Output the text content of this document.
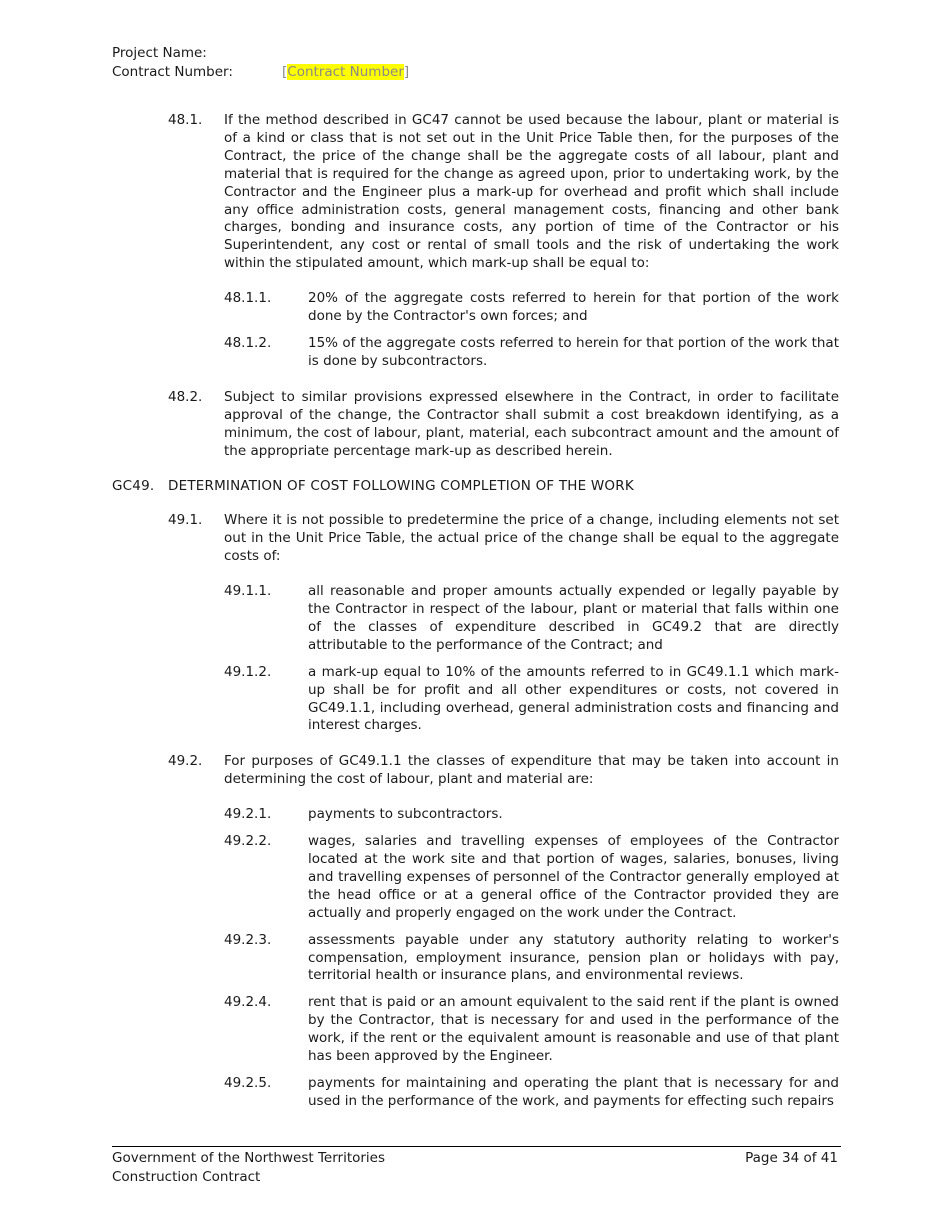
Project Name:
Contract Number:	[Contract Number]
48.1.	If the method described in GC47 cannot be used because the labour, plant or material is of a kind or class that is not set out in the Unit Price Table then, for the purposes of the Contract, the price of the change shall be the aggregate costs of all labour, plant and material that is required for the change as agreed upon, prior to undertaking work, by the Contractor and the Engineer plus a mark-up for overhead and profit which shall include any office administration costs, general management costs, financing and other bank charges, bonding and insurance costs, any portion of time of the Contractor or his Superintendent, any cost or rental of small tools and the risk of undertaking the work within the stipulated amount, which mark-up shall be equal to:
48.1.1.	20% of the aggregate costs referred to herein for that portion of the work done by the Contractor's own forces; and
48.1.2.	15% of the aggregate costs referred to herein for that portion of the work that is done by subcontractors.
48.2.	Subject to similar provisions expressed elsewhere in the Contract, in order to facilitate approval of the change, the Contractor shall submit a cost breakdown identifying, as a minimum, the cost of labour, plant, material, each subcontract amount and the amount of the appropriate percentage mark-up as described herein.
GC49.	DETERMINATION OF COST FOLLOWING COMPLETION OF THE WORK
49.1.	Where it is not possible to predetermine the price of a change, including elements not set out in the Unit Price Table, the actual price of the change shall be equal to the aggregate costs of:
49.1.1.	all reasonable and proper amounts actually expended or legally payable by the Contractor in respect of the labour, plant or material that falls within one of the classes of expenditure described in GC49.2 that are directly attributable to the performance of the Contract; and
49.1.2.	a mark-up equal to 10% of the amounts referred to in GC49.1.1 which mark-up shall be for profit and all other expenditures or costs, not covered in GC49.1.1, including overhead, general administration costs and financing and interest charges.
49.2.	For purposes of GC49.1.1 the classes of expenditure that may be taken into account in determining the cost of labour, plant and material are:
49.2.1.	payments to subcontractors.
49.2.2.	wages, salaries and travelling expenses of employees of the Contractor located at the work site and that portion of wages, salaries, bonuses, living and travelling expenses of personnel of the Contractor generally employed at the head office or at a general office of the Contractor provided they are actually and properly engaged on the work under the Contract.
49.2.3.	assessments payable under any statutory authority relating to worker's compensation, employment insurance, pension plan or holidays with pay, territorial health or insurance plans, and environmental reviews.
49.2.4.	rent that is paid or an amount equivalent to the said rent if the plant is owned by the Contractor, that is necessary for and used in the performance of the work, if the rent or the equivalent amount is reasonable and use of that plant has been approved by the Engineer.
49.2.5.	payments for maintaining and operating the plant that is necessary for and used in the performance of the work, and payments for effecting such repairs
Government of the Northwest Territories
Construction Contract
Page 34 of 41
